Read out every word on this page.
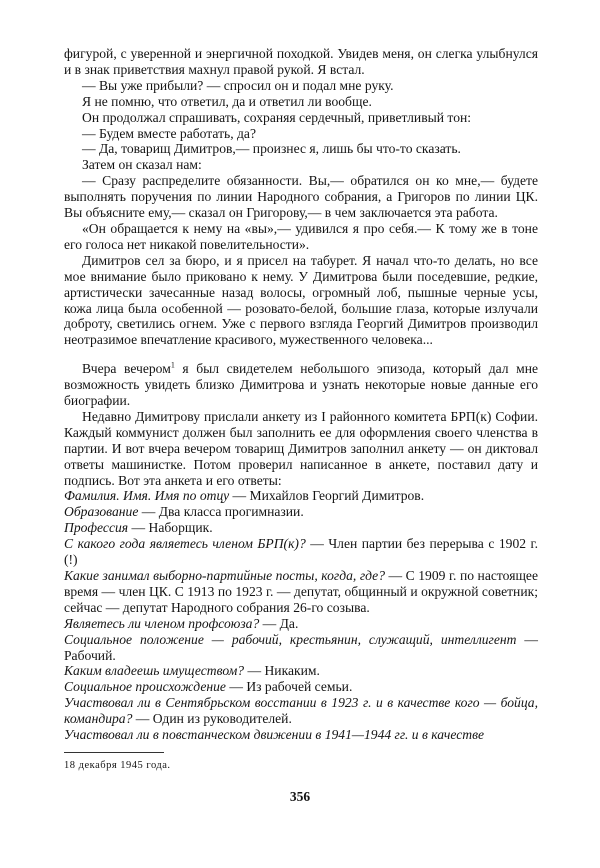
фигурой, с уверенной и энергичной походкой. Увидев меня, он слегка улыбнулся и в знак приветствия махнул правой рукой. Я встал.

— Вы уже прибыли? — спросил он и подал мне руку.

Я не помню, что ответил, да и ответил ли вообще.

Он продолжал спрашивать, сохраняя сердечный, приветливый тон:

— Будем вместе работать, да?

— Да, товарищ Димитров,— произнес я, лишь бы что-то сказать.

Затем он сказал нам:

— Сразу распределите обязанности. Вы,— обратился он ко мне,— будете выполнять поручения по линии Народного собрания, а Григоров по линии ЦК. Вы объясните ему,— сказал он Григорову,— в чем заключается эта работа.

«Он обращается к нему на «вы»,— удивился я про себя.— К тому же в тоне его голоса нет никакой повелительности».

Димитров сел за бюро, и я присел на табурет. Я начал что-то делать, но все мое внимание было приковано к нему. У Димитрова были поседевшие, редкие, артистически зачесанные назад волосы, огромный лоб, пышные черные усы, кожа лица была особенной — розовато-белой, большие глаза, которые излучали доброту, светились огнем. Уже с первого взгляда Георгий Димитров производил неотразимое впечатление красивого, мужественного человека...

Вчера вечером$^1$ я был свидетелем небольшого эпизода, который дал мне возможность увидеть близко Димитрова и узнать некоторые новые данные его биографии.

Недавно Димитрову прислали анкету из I районного комитета БРП(к) Софии. Каждый коммунист должен был заполнить ее для оформления своего членства в партии. И вот вчера вечером товарищ Димитров заполнил анкету — он диктовал ответы машинистке. Потом проверил написанное в анкете, поставил дату и подпись. Вот эта анкета и его ответы:

Фамилия. Имя. Имя по отцу — Михайлов Георгий Димитров.

Образование — Два класса прогимназии.

Профессия — Наборщик.

С какого года являетесь членом БРП(к)? — Член партии без перерыва с 1902 г. (!)

Какие занимал выборно-партийные посты, когда, где? — С 1909 г. по настоящее время — член ЦК. С 1913 по 1923 г. — депутат, общинный и окружной советник; сейчас — депутат Народного собрания 26-го созыва.

Являетесь ли членом профсоюза? — Да.

Социальное положение — рабочий, крестьянин, служащий, интеллигент — Рабочий.

Каким владеешь имуществом? — Никаким.

Социальное происхождение — Из рабочей семьи.

Участвовал ли в Сентябрьском восстании в 1923 г. и в качестве кого — бойца, командира? — Один из руководителей.

Участвовал ли в повстанческом движении в 1941—1944 гг. и в качестве

18 декабря 1945 года.
356
